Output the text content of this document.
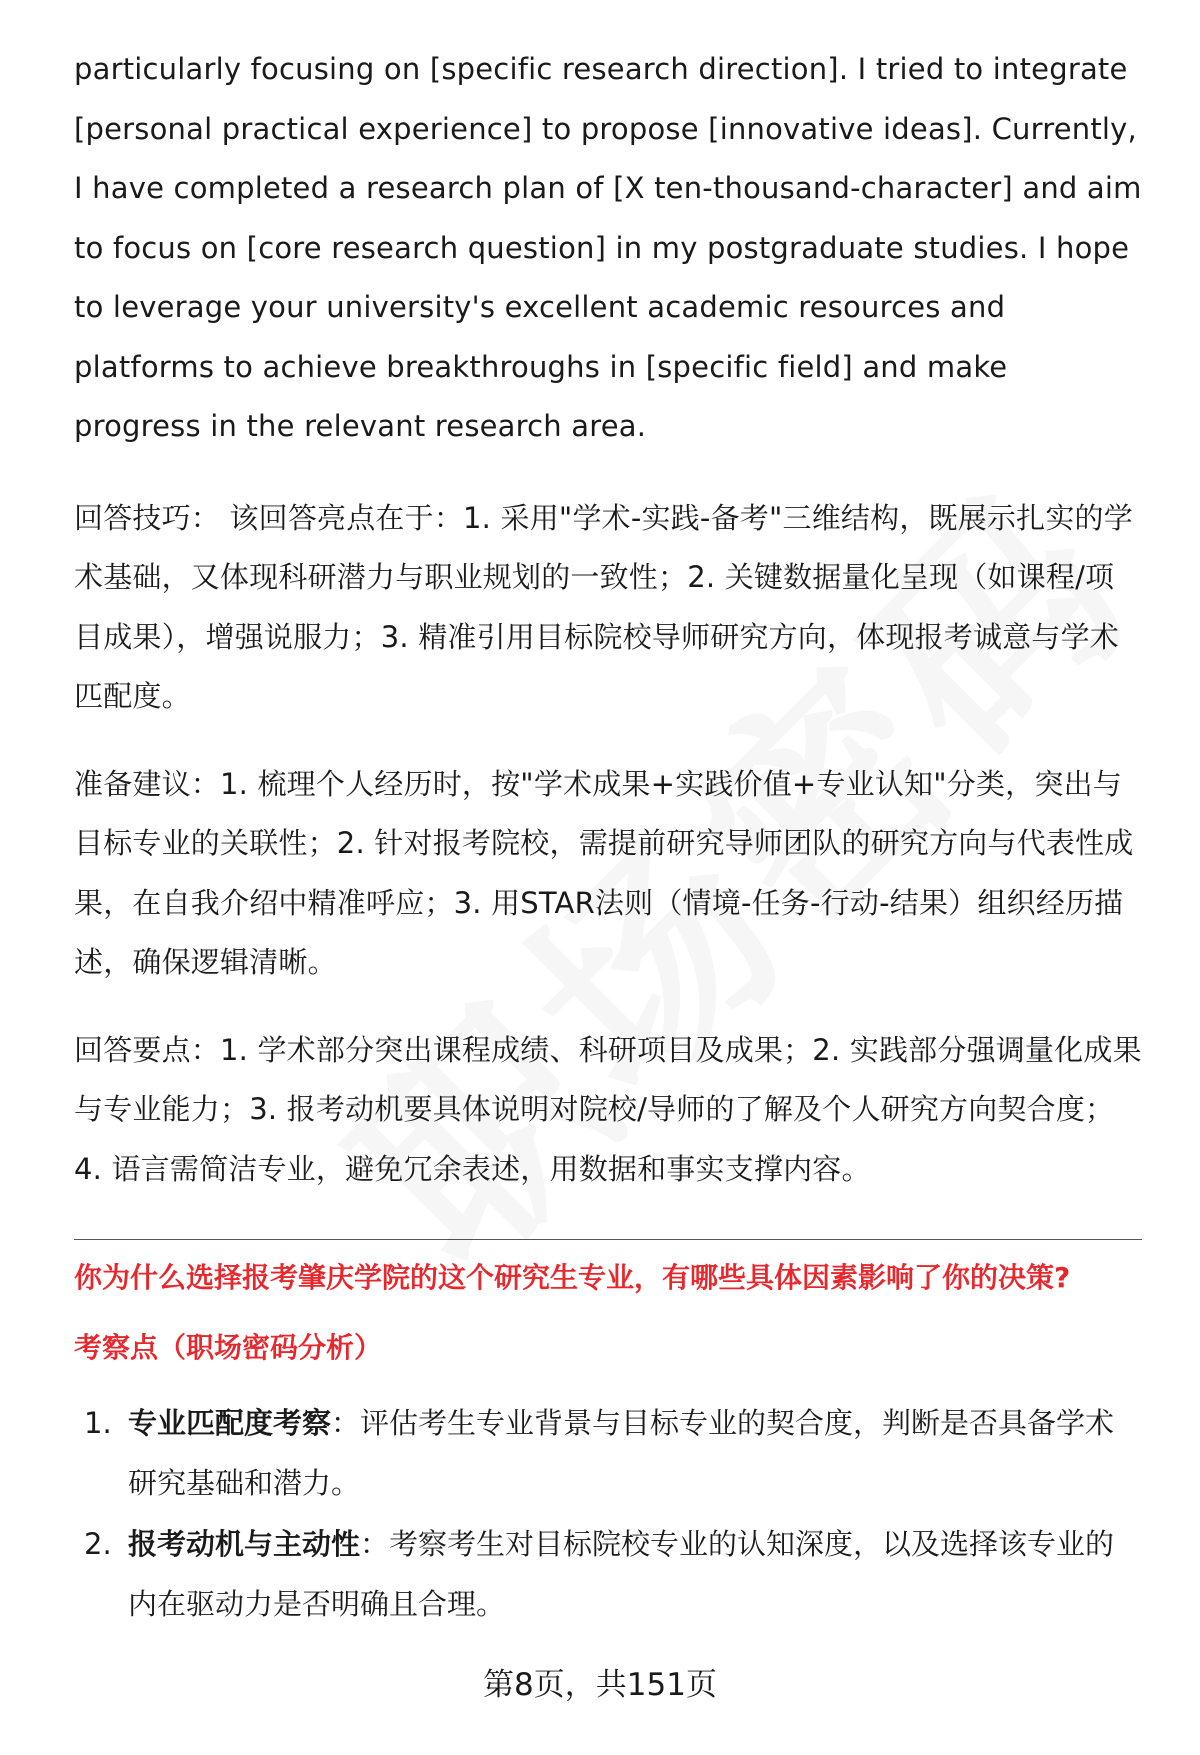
particularly focusing on [specific research direction]. I tried to integrate [personal practical experience] to propose [innovative ideas]. Currently, I have completed a research plan of [X ten-thousand-character] and aim to focus on [core research question] in my postgraduate studies. I hope to leverage your university's excellent academic resources and platforms to achieve breakthroughs in [specific field] and make progress in the relevant research area.

回答技巧： 该回答亮点在于：1. 采用"学术-实践-备考"三维结构，既展示扎实的学术基础，又体现科研潜力与职业规划的一致性；2. 关键数据量化呈现（如课程/项目成果），增强说服力；3. 精准引用目标院校导师研究方向，体现报考诚意与学术匹配度。

准备建议：1. 梳理个人经历时，按"学术成果+实践价值+专业认知"分类，突出与目标专业的关联性；2. 针对报考院校，需提前研究导师团队的研究方向与代表性成果，在自我介绍中精准呼应；3. 用STAR法则（情境-任务-行动-结果）组织经历描述，确保逻辑清晰。

回答要点：1. 学术部分突出课程成绩、科研项目及成果；2. 实践部分强调量化成果与专业能力；3. 报考动机要具体说明对院校/导师的了解及个人研究方向契合度；4. 语言需简洁专业，避免冗余表述，用数据和事实支撑内容。

你为什么选择报考肇庆学院的这个研究生专业，有哪些具体因素影响了你的决策?
考察点（职场密码分析）
1. 专业匹配度考察：评估考生专业背景与目标专业的契合度，判断是否具备学术研究基础和潜力。
2. 报考动机与主动性：考察考生对目标院校专业的认知深度，以及选择该专业的内在驱动力是否明确且合理。
第8页，共151页
